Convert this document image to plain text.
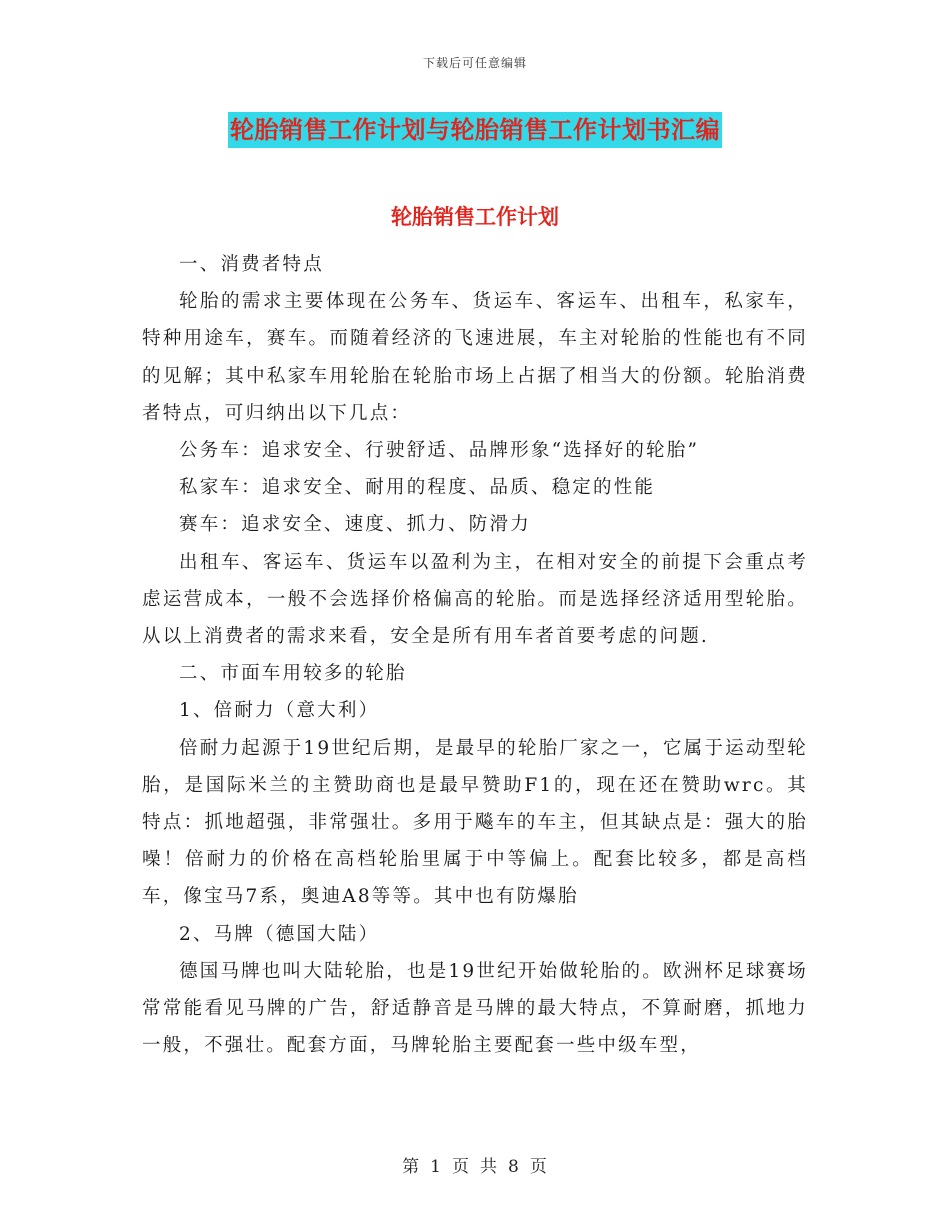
下载后可任意编辑
轮胎销售工作计划与轮胎销售工作计划书汇编
轮胎销售工作计划

一、消费者特点

轮胎的需求主要体现在公务车、货运车、客运车、出租车，私家车，特种用途车，赛车。而随着经济的飞速进展，车主对轮胎的性能也有不同的见解；其中私家车用轮胎在轮胎市场上占据了相当大的份额。轮胎消费者特点，可归纳出以下几点：

公务车：追求安全、行驶舒适、品牌形象“选择好的轮胎”

私家车：追求安全、耐用的程度、品质、稳定的性能

赛车：追求安全、速度、抓力、防滑力

出租车、客运车、货运车以盈利为主，在相对安全的前提下会重点考虑运营成本，一般不会选择价格偏高的轮胎。而是选择经济适用型轮胎。从以上消费者的需求来看，安全是所有用车者首要考虑的问题.

二、市面车用较多的轮胎

1、倍耐力（意大利）

倍耐力起源于19世纪后期，是最早的轮胎厂家之一，它属于运动型轮胎，是国际米兰的主赞助商也是最早赞助F1的，现在还在赞助wrc。其特点：抓地超强，非常强壮。多用于飚车的车主，但其缺点是：强大的胎噪！倍耐力的价格在高档轮胎里属于中等偏上。配套比较多，都是高档车，像宝马7系，奥迪A8等等。其中也有防爆胎

2、马牌（德国大陆）

德国马牌也叫大陆轮胎，也是19世纪开始做轮胎的。欧洲杯足球赛场常常能看见马牌的广告，舒适静音是马牌的最大特点，不算耐磨，抓地力一般，不强壮。配套方面，马牌轮胎主要配套一些中级车型，

第 1 页 共 8 页
